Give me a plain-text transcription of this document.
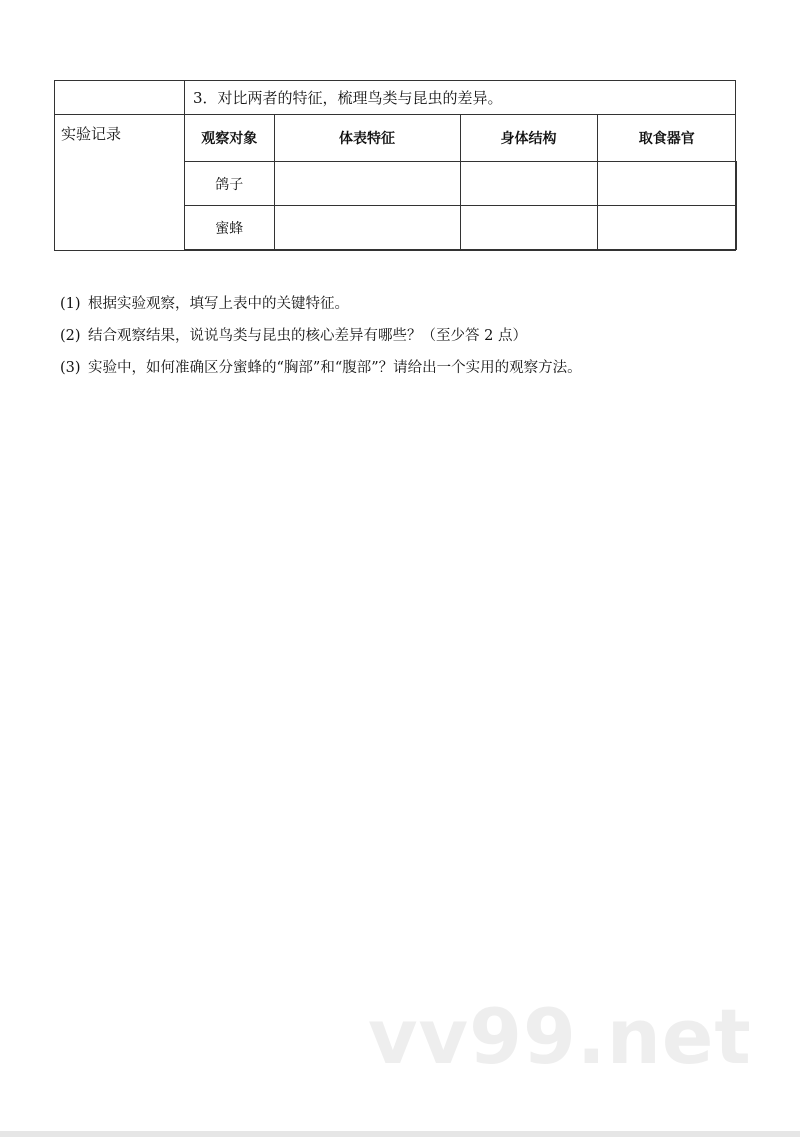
	3．对比两者的特征，梳理鸟类与昆虫的差异。
实验记录		观察对象	体表特征	身体结构	取食器官
鸽子			
蜜蜂			
(1) 根据实验观察，填写上表中的关键特征。
(2) 结合观察结果，说说鸟类与昆虫的核心差异有哪些？（至少答 2 点）
(3) 实验中，如何准确区分蜜蜂的“胸部”和“腹部”？请给出一个实用的观察方法。
vv99.net
